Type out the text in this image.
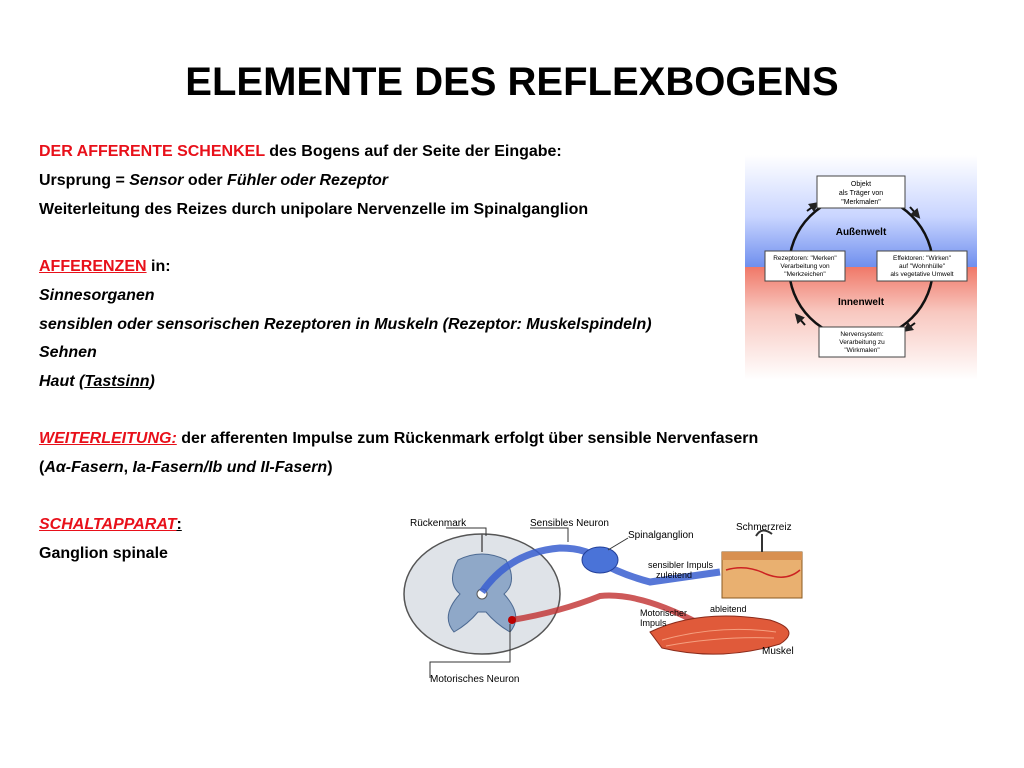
ELEMENTE DES REFLEXBOGENS
DER AFFERENTE SCHENKEL des Bogens auf der Seite der Eingabe:
Ursprung = Sensor oder Fühler oder Rezeptor
Weiterleitung des Reizes durch unipolare Nervenzelle im Spinalganglion
AFFERENZEN in:
Sinnesorganen
sensiblen oder sensorischen Rezeptoren in Muskeln (Rezeptor: Muskelspindeln)
Sehnen
Haut (Tastsinn)
WEITERLEITUNG: der afferenten Impulse zum Rückenmark erfolgt über sensible Nervenfasern
(Aα-Fasern, Ia-Fasern/Ib und II-Fasern)
SCHALTAPPARAT:
Ganglion spinale
Objekt
als Träger von
"Merkmalen"
Außenwelt
Rezeptoren: "Merken"
Verarbeitung von
"Merkzeichen"
Effektoren: "Wirken"
auf "Wohnhülle"
als vegetative Umwelt
Innenwelt
Nervensystem:
Verarbeitung zu
"Wirkmalen"
Rückenmark	Sensibles Neuron
Spinalganglion
Schmerzreiz
sensibler Impuls
zuleitend
ableitend
Motorischer
Impuls
Muskel
Motorisches Neuron
